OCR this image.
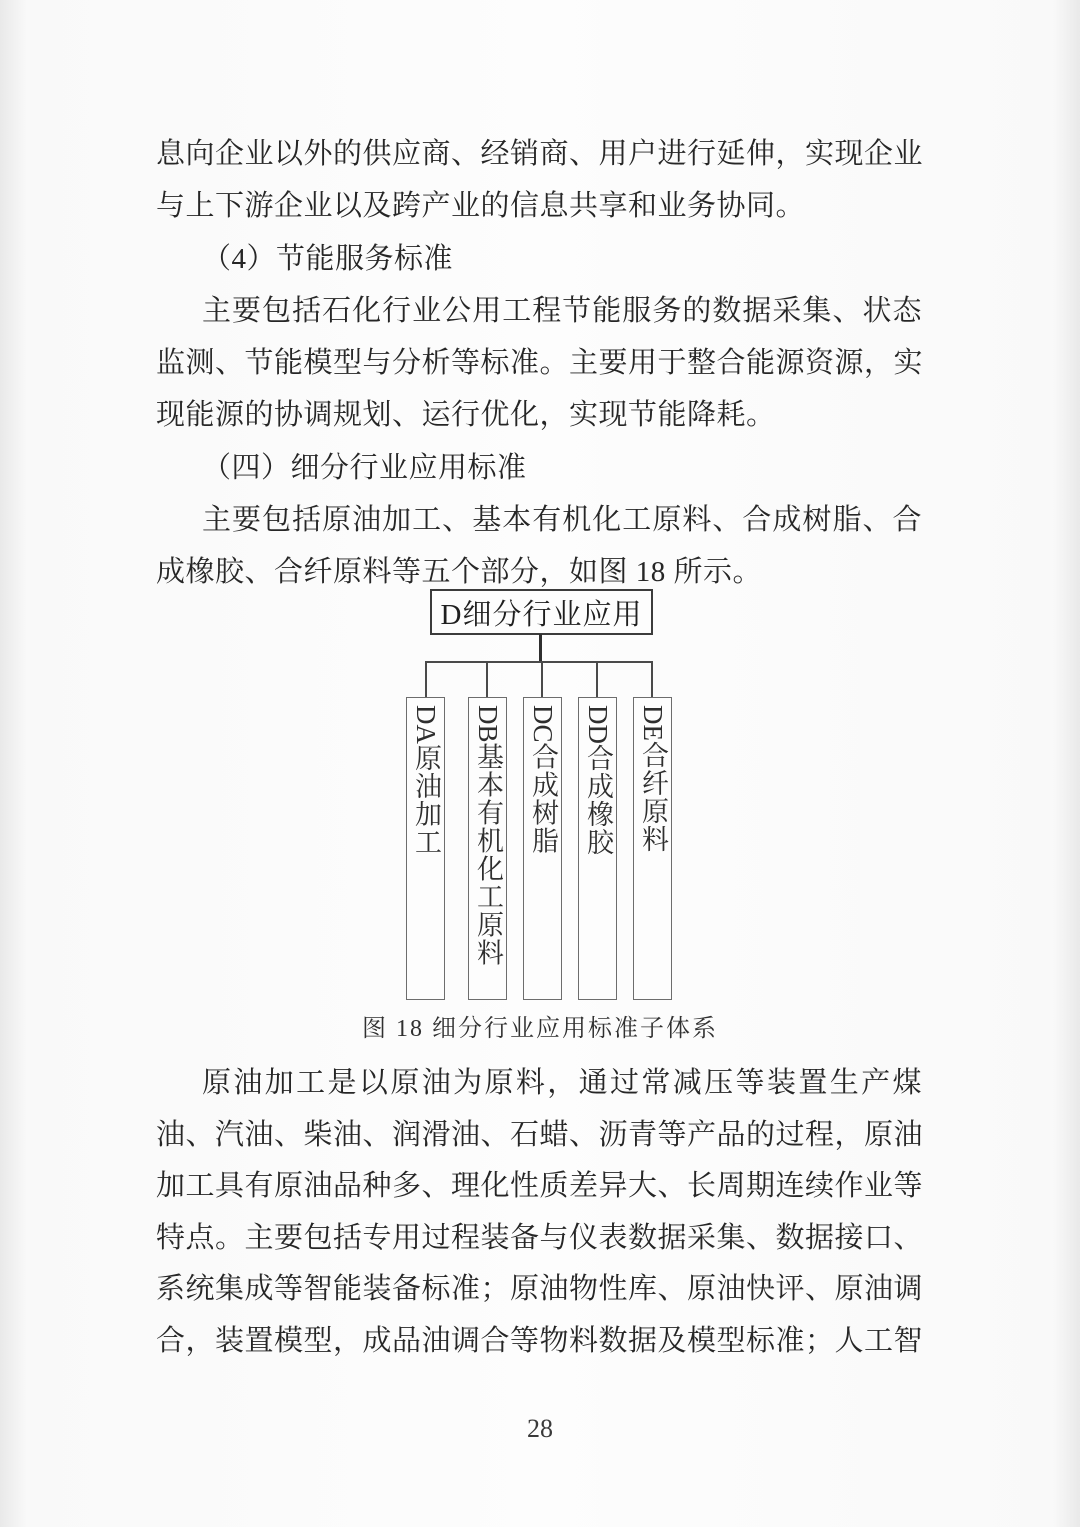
息向企业以外的供应商、经销商、用户进行延伸，实现企业
与上下游企业以及跨产业的信息共享和业务协同。
（4）节能服务标准
主要包括石化行业公用工程节能服务的数据采集、状态
监测、节能模型与分析等标准。主要用于整合能源资源，实
现能源的协调规划、运行优化，实现节能降耗。
（四）细分行业应用标准
主要包括原油加工、基本有机化工原料、合成树脂、合
成橡胶、合纤原料等五个部分，如图 18 所示。
D细分行业应用
DA原油加工
DB基本有机化工原料
DC合成树脂
DD合成橡胶
DE合纤原料
图 18 细分行业应用标准子体系
原油加工是以原油为原料，通过常减压等装置生产煤
油、汽油、柴油、润滑油、石蜡、沥青等产品的过程，原油
加工具有原油品种多、理化性质差异大、长周期连续作业等
特点。主要包括专用过程装备与仪表数据采集、数据接口、
系统集成等智能装备标准；原油物性库、原油快评、原油调
合，装置模型，成品油调合等物料数据及模型标准；人工智
28
